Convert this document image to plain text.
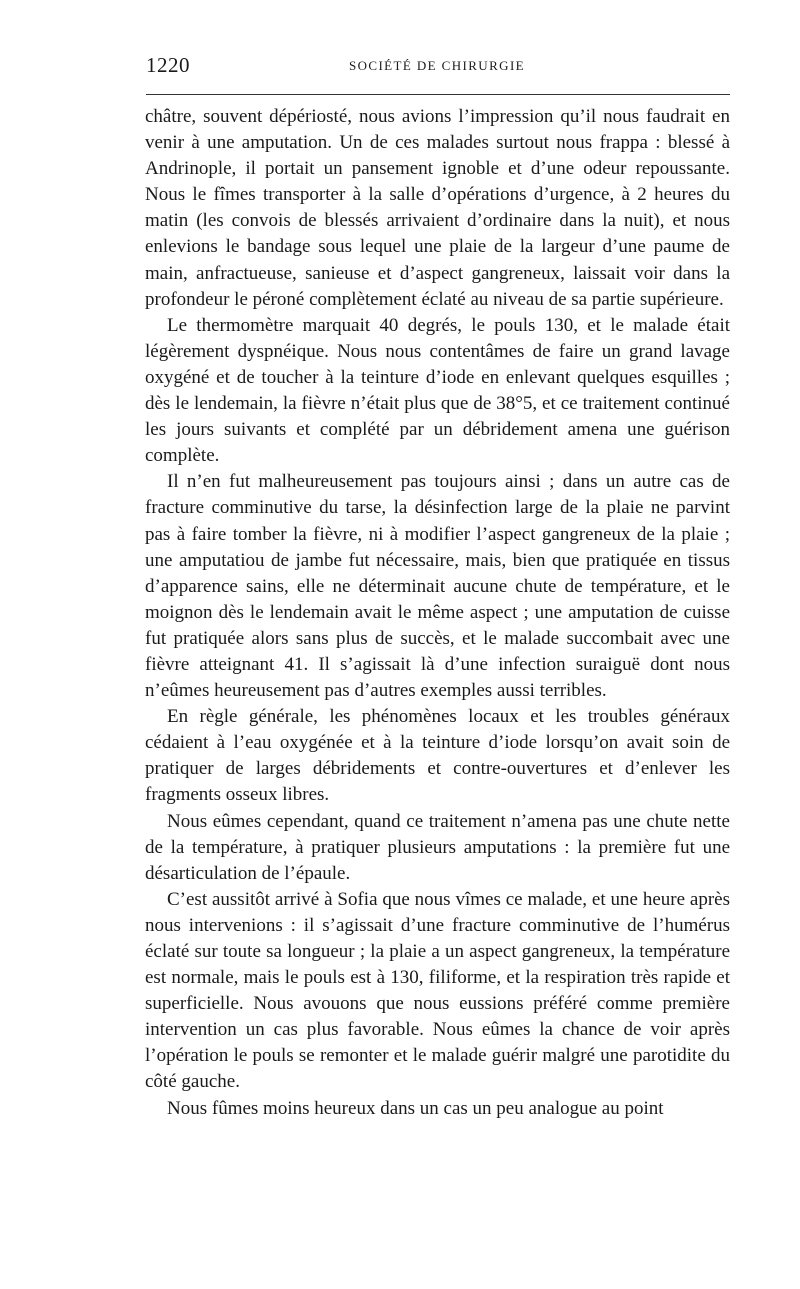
1220	SOCIÉTÉ DE CHIRURGIE

châtre, souvent dépériosté, nous avions l’impression qu’il nous faudrait en venir à une amputation. Un de ces malades surtout nous frappa : blessé à Andrinople, il portait un pansement ignoble et d’une odeur repoussante. Nous le fîmes transporter à la salle d’opérations d’urgence, à 2 heures du matin (les convois de blessés arrivaient d’ordinaire dans la nuit), et nous enlevions le bandage sous lequel une plaie de la largeur d’une paume de main, anfractueuse, sanieuse et d’aspect gangreneux, laissait voir dans la profondeur le péroné complètement éclaté au niveau de sa partie supérieure.

Le thermomètre marquait 40 degrés, le pouls 130, et le malade était légèrement dyspnéique. Nous nous contentâmes de faire un grand lavage oxygéné et de toucher à la teinture d’iode en enlevant quelques esquilles ; dès le lendemain, la fièvre n’était plus que de 38°5, et ce traitement continué les jours suivants et complété par un débridement amena une guérison complète.

Il n’en fut malheureusement pas toujours ainsi ; dans un autre cas de fracture comminutive du tarse, la désinfection large de la plaie ne parvint pas à faire tomber la fièvre, ni à modifier l’aspect gangreneux de la plaie ; une amputatiou de jambe fut nécessaire, mais, bien que pratiquée en tissus d’apparence sains, elle ne déterminait aucune chute de température, et le moignon dès le lendemain avait le même aspect ; une amputation de cuisse fut pratiquée alors sans plus de succès, et le malade succombait avec une fièvre atteignant 41. Il s’agissait là d’une infection suraiguë dont nous n’eûmes heureusement pas d’autres exemples aussi terribles.

En règle générale, les phénomènes locaux et les troubles généraux cédaient à l’eau oxygénée et à la teinture d’iode lorsqu’on avait soin de pratiquer de larges débridements et contre-ouvertures et d’enlever les fragments osseux libres.

Nous eûmes cependant, quand ce traitement n’amena pas une chute nette de la température, à pratiquer plusieurs amputations : la première fut une désarticulation de l’épaule.

C’est aussitôt arrivé à Sofia que nous vîmes ce malade, et une heure après nous intervenions : il s’agissait d’une fracture comminutive de l’humérus éclaté sur toute sa longueur ; la plaie a un aspect gangreneux, la température est normale, mais le pouls est à 130, filiforme, et la respiration très rapide et superficielle. Nous avouons que nous eussions préféré comme première intervention un cas plus favorable. Nous eûmes la chance de voir après l’opération le pouls se remonter et le malade guérir malgré une parotidite du côté gauche.

Nous fûmes moins heureux dans un cas un peu analogue au point
